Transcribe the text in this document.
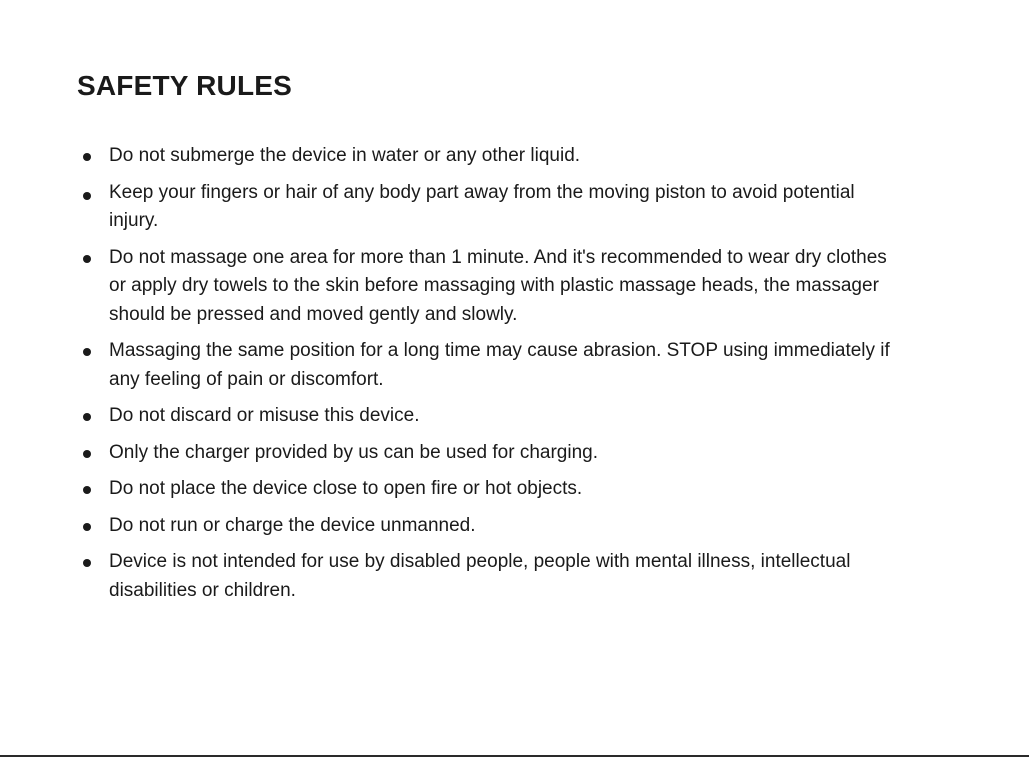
SAFETY RULES
Do not submerge the device in water or any other liquid.
Keep your fingers or hair of any body part away from the moving piston to avoid potential injury.
Do not massage one area for more than 1 minute. And it's recommended to wear dry clothes or apply dry towels to the skin before massaging with plastic massage heads, the massager should be pressed and moved gently and slowly.
Massaging the same position for a long time may cause abrasion. STOP using immediately if any feeling of pain or discomfort.
Do not discard or misuse this device.
Only the charger provided by us can be used for charging.
Do not place the device close to open fire or hot objects.
Do not run or charge the device unmanned.
Device is not intended for use by disabled people, people with mental illness, intellectual disabilities or children.
